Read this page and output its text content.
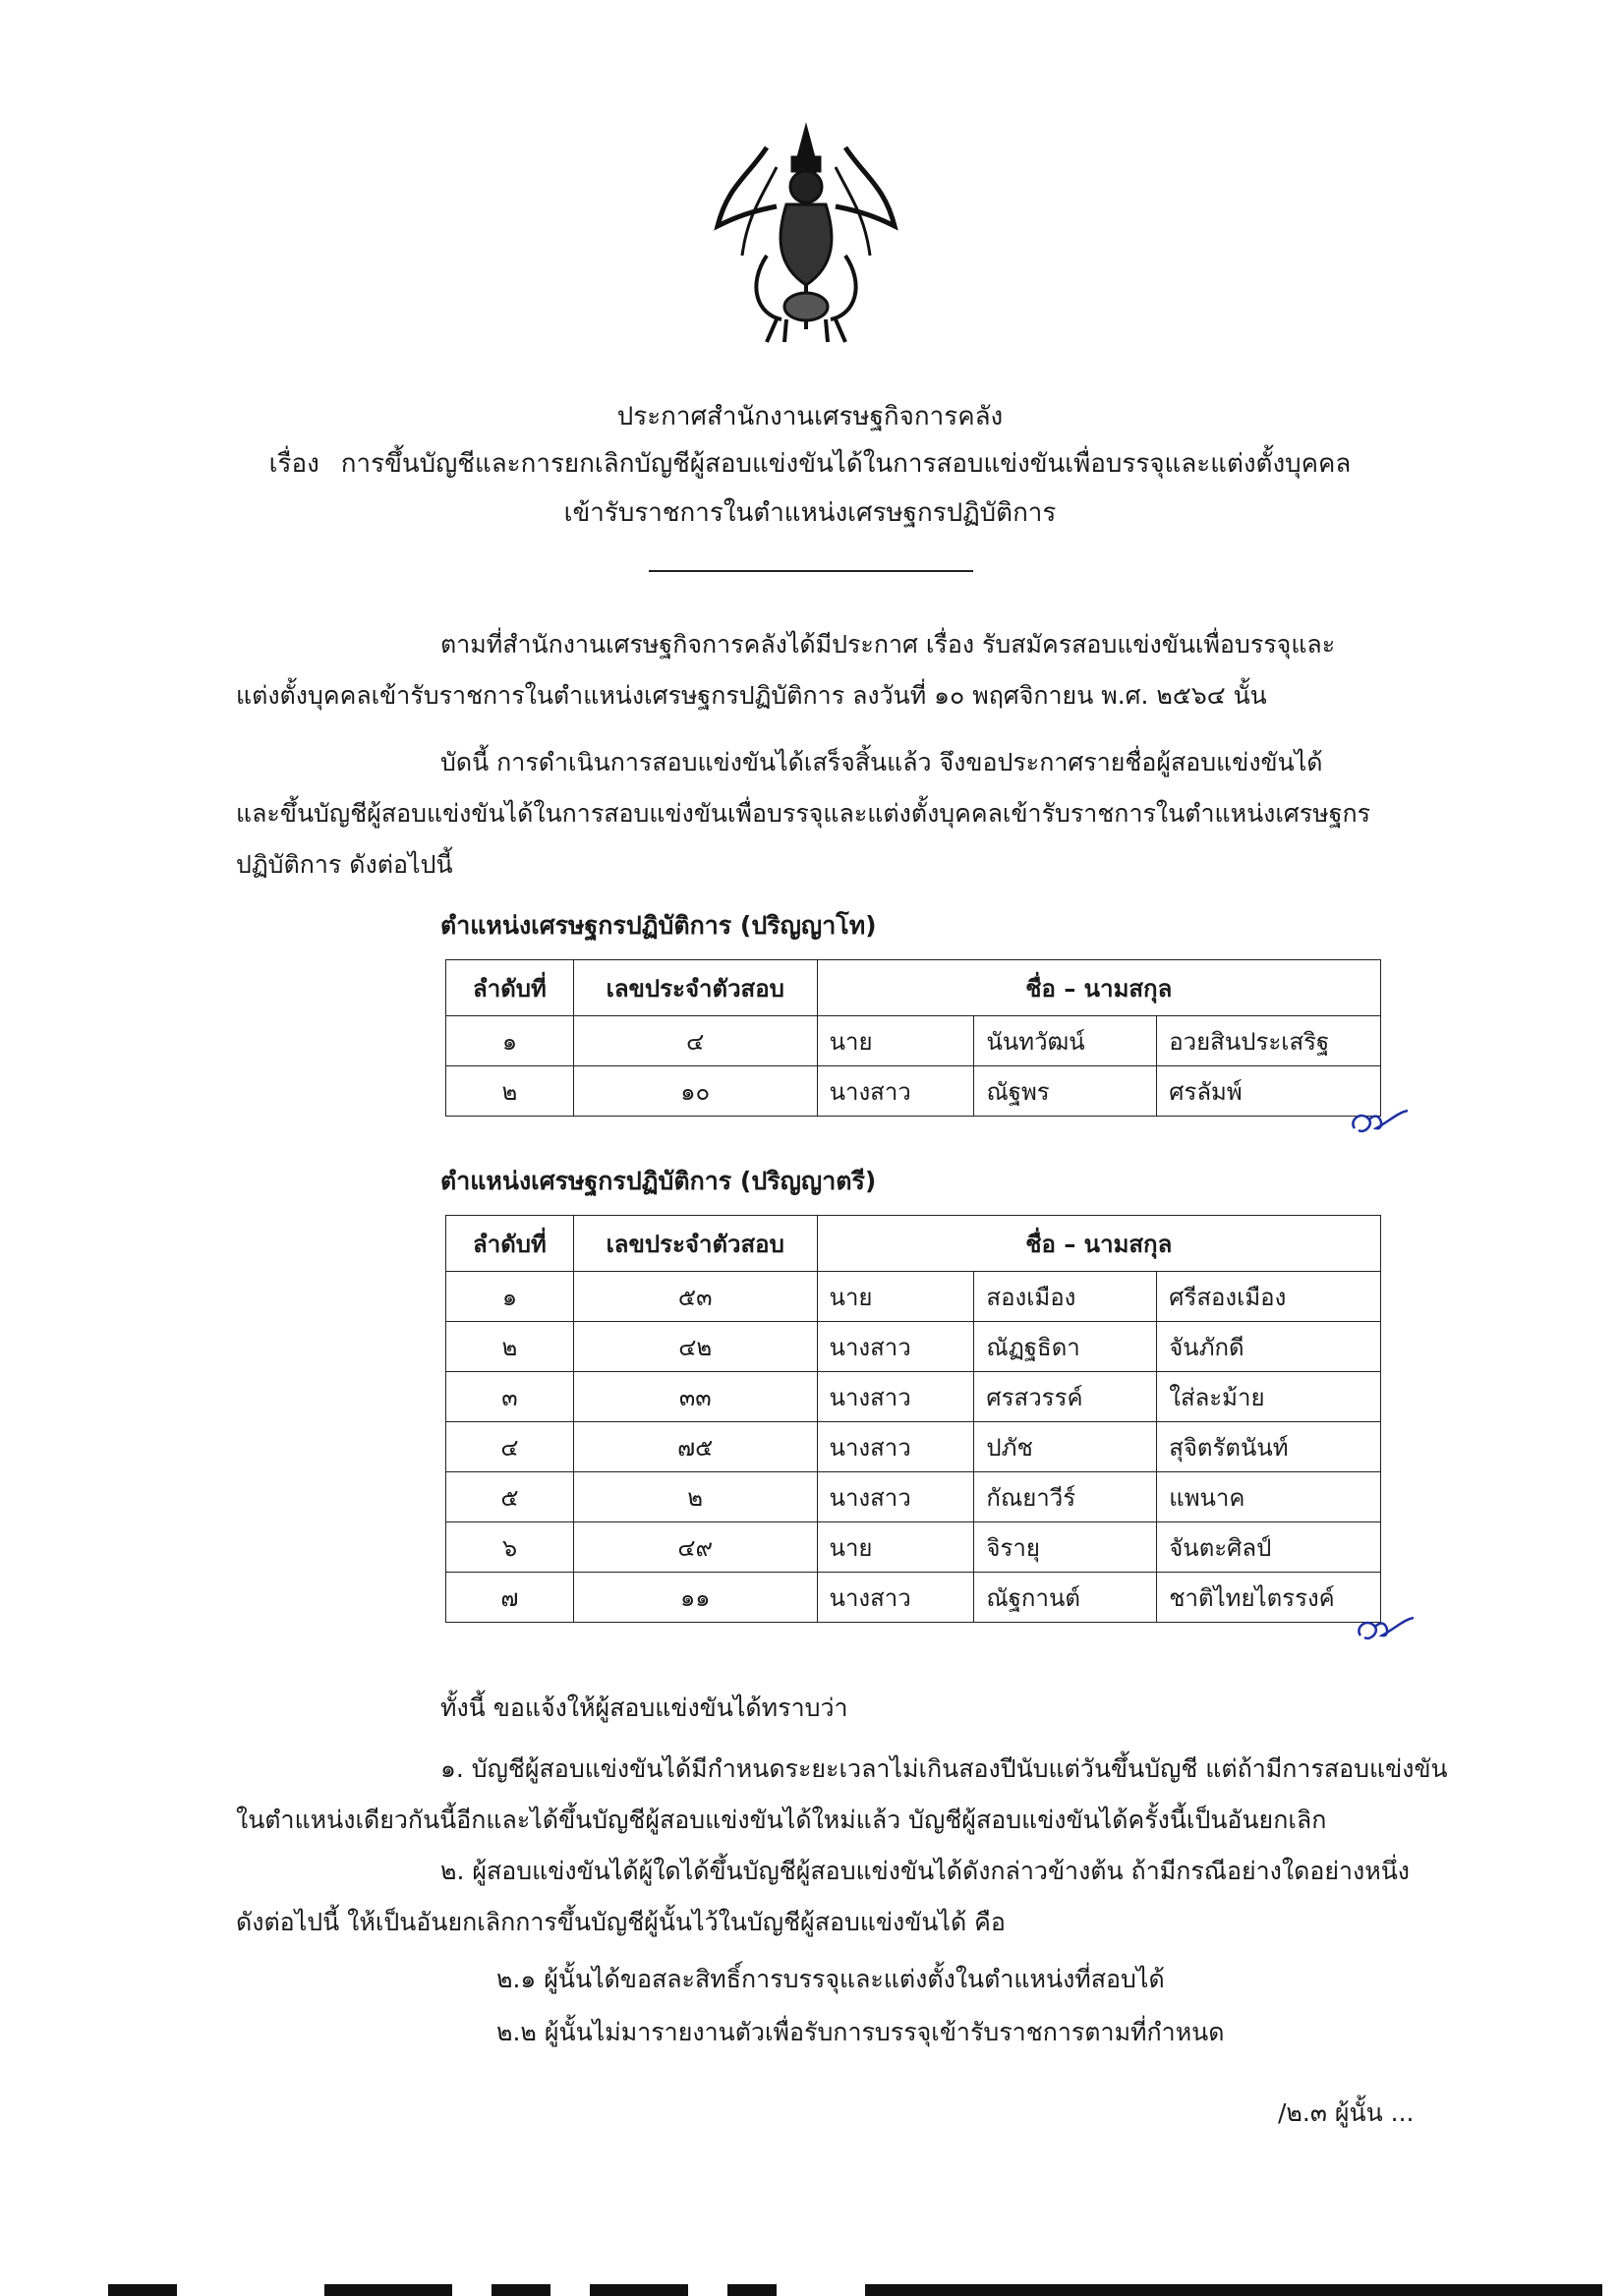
ประกาศสำนักงานเศรษฐกิจการคลัง
เรื่อง การขึ้นบัญชีและการยกเลิกบัญชีผู้สอบแข่งขันได้ในการสอบแข่งขันเพื่อบรรจุและแต่งตั้งบุคคล
เข้ารับราชการในตำแหน่งเศรษฐกรปฏิบัติการ
ตามที่สำนักงานเศรษฐกิจการคลังได้มีประกาศ เรื่อง รับสมัครสอบแข่งขันเพื่อบรรจุและ
แต่งตั้งบุคคลเข้ารับราชการในตำแหน่งเศรษฐกรปฏิบัติการ ลงวันที่ ๑๐ พฤศจิกายน พ.ศ. ๒๕๖๔ นั้น
บัดนี้ การดำเนินการสอบแข่งขันได้เสร็จสิ้นแล้ว จึงขอประกาศรายชื่อผู้สอบแข่งขันได้
และขึ้นบัญชีผู้สอบแข่งขันได้ในการสอบแข่งขันเพื่อบรรจุและแต่งตั้งบุคคลเข้ารับราชการในตำแหน่งเศรษฐกร
ปฏิบัติการ ดังต่อไปนี้
ตำแหน่งเศรษฐกรปฏิบัติการ (ปริญญาโท)
ลำดับที่	เลขประจำตัวสอบ	ชื่อ – นามสกุล		
๑	๔	นาย	นันทวัฒน์	อวยสินประเสริฐ
๒	๑๐	นางสาว	ณัฐพร	ศรลัมพ์
ตำแหน่งเศรษฐกรปฏิบัติการ (ปริญญาตรี)
ลำดับที่	เลขประจำตัวสอบ	ชื่อ – นามสกุล		
๑	๕๓	นาย	สองเมือง	ศรีสองเมือง
๒	๔๒	นางสาว	ณัฏฐธิดา	จันภักดี
๓	๓๓	นางสาว	ศรสวรรค์	ใส่ละม้าย
๔	๗๕	นางสาว	ปภัช	สุจิตรัตนันท์
๕	๒	นางสาว	กัณยาวีร์	แพนาค
๖	๔๙	นาย	จิรายุ	จันตะศิลป์
๗	๑๑	นางสาว	ณัฐกานต์	ชาติไทยไตรรงค์
ทั้งนี้ ขอแจ้งให้ผู้สอบแข่งขันได้ทราบว่า
๑. บัญชีผู้สอบแข่งขันได้มีกำหนดระยะเวลาไม่เกินสองปีนับแต่วันขึ้นบัญชี แต่ถ้ามีการสอบแข่งขัน
ในตำแหน่งเดียวกันนี้อีกและได้ขึ้นบัญชีผู้สอบแข่งขันได้ใหม่แล้ว บัญชีผู้สอบแข่งขันได้ครั้งนี้เป็นอันยกเลิก
๒. ผู้สอบแข่งขันได้ผู้ใดได้ขึ้นบัญชีผู้สอบแข่งขันได้ดังกล่าวข้างต้น ถ้ามีกรณีอย่างใดอย่างหนึ่ง
ดังต่อไปนี้ ให้เป็นอันยกเลิกการขึ้นบัญชีผู้นั้นไว้ในบัญชีผู้สอบแข่งขันได้ คือ
๒.๑ ผู้นั้นได้ขอสละสิทธิ์การบรรจุและแต่งตั้งในตำแหน่งที่สอบได้
๒.๒ ผู้นั้นไม่มารายงานตัวเพื่อรับการบรรจุเข้ารับราชการตามที่กำหนด
/๒.๓ ผู้นั้น ...
